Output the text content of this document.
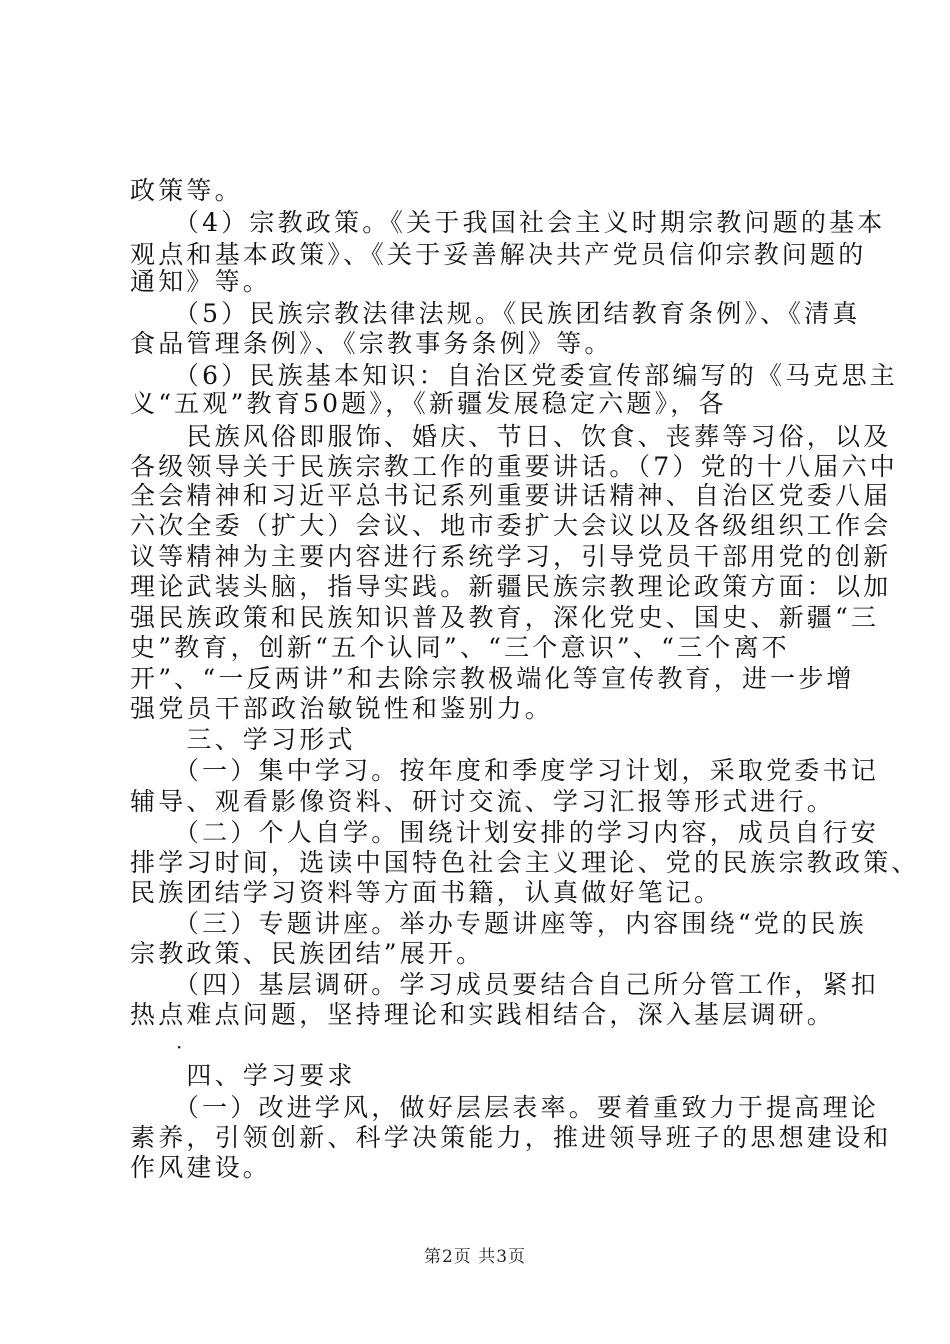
政策等。
　　（4）宗教政策。《关于我国社会主义时期宗教问题的基本
观点和基本政策》、《关于妥善解决共产党员信仰宗教问题的
通知》等。
　　（5）民族宗教法律法规。《民族团结教育条例》、《清真
食品管理条例》、《宗教事务条例》等。
　　（6）民族基本知识：自治区党委宣传部编写的《马克思主
义“五观”教育50题》，《新疆发展稳定六题》，各
　　民族风俗即服饰、婚庆、节日、饮食、丧葬等习俗，以及
各级领导关于民族宗教工作的重要讲话。（7）党的十八届六中
全会精神和习近平总书记系列重要讲话精神、自治区党委八届
六次全委（扩大）会议、地市委扩大会议以及各级组织工作会
议等精神为主要内容进行系统学习，引导党员干部用党的创新
理论武装头脑，指导实践。新疆民族宗教理论政策方面：以加
强民族政策和民族知识普及教育，深化党史、国史、新疆“三
史”教育，创新“五个认同”、“三个意识”、“三个离不
开”、“一反两讲”和去除宗教极端化等宣传教育，进一步增
强党员干部政治敏锐性和鉴别力。
　　三、学习形式
　　（一）集中学习。按年度和季度学习计划，采取党委书记
辅导、观看影像资料、研讨交流、学习汇报等形式进行。
　　（二）个人自学。围绕计划安排的学习内容，成员自行安
排学习时间，选读中国特色社会主义理论、党的民族宗教政策、
民族团结学习资料等方面书籍，认真做好笔记。
　　（三）专题讲座。举办专题讲座等，内容围绕“党的民族
宗教政策、民族团结”展开。
　　（四）基层调研。学习成员要结合自己所分管工作，紧扣
热点难点问题，坚持理论和实践相结合，深入基层调研。
·
　　四、学习要求
　　（一）改进学风，做好层层表率。要着重致力于提高理论
素养，引领创新、科学决策能力，推进领导班子的思想建设和
作风建设。
第2页 共3页
